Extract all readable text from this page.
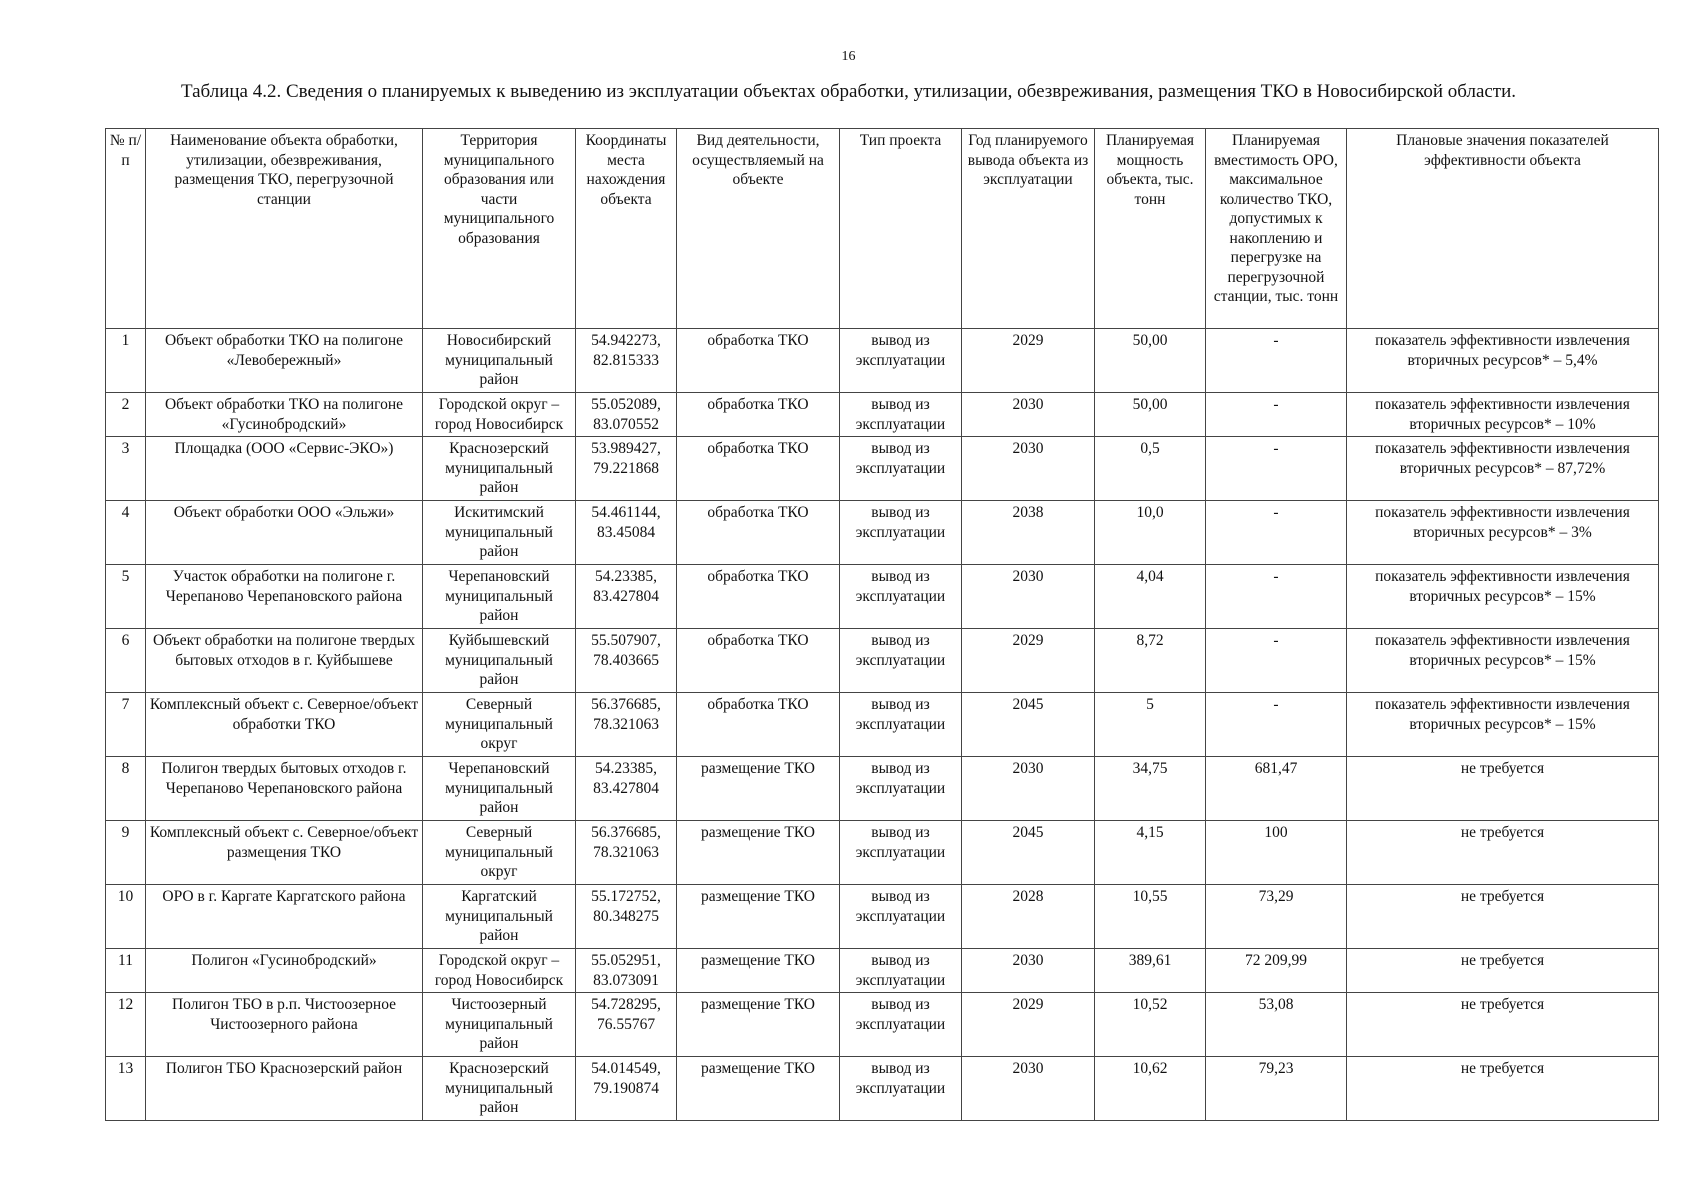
16
Таблица 4.2. Сведения о планируемых к выведению из эксплуатации объектах обработки, утилизации, обезвреживания, размещения ТКО в Новосибирской области.
№ п/п	Наименование объекта обработки, утилизации, обезвреживания, размещения ТКО, перегрузочной станции	Территория муниципального образования или части муниципального образования	Координаты места нахождения объекта	Вид деятельности, осуществляемый на объекте	Тип проекта	Год планируемого вывода объекта из эксплуатации	Планируемая мощность объекта, тыс. тонн	Планируемая вместимость ОРО, максимальное количество ТКО, допустимых к накоплению и перегрузке на перегрузочной станции, тыс. тонн	Плановые значения показателей эффективности объекта
1	Объект обработки ТКО на полигоне «Левобережный»	Новосибирский муниципальный район	54.942273, 82.815333	обработка ТКО	вывод из эксплуатации	2029	50,00	-	показатель эффективности извлечения вторичных ресурсов* – 5,4%
2	Объект обработки ТКО на полигоне «Гусинобродский»	Городской округ – город Новосибирск	55.052089, 83.070552	обработка ТКО	вывод из эксплуатации	2030	50,00	-	показатель эффективности извлечения вторичных ресурсов* – 10%
3	Площадка (ООО «Сервис-ЭКО»)	Краснозерский муниципальный район	53.989427, 79.221868	обработка ТКО	вывод из эксплуатации	2030	0,5	-	показатель эффективности извлечения вторичных ресурсов* – 87,72%
4	Объект обработки ООО «Эльжи»	Искитимский муниципальный район	54.461144, 83.45084	обработка ТКО	вывод из эксплуатации	2038	10,0	-	показатель эффективности извлечения вторичных ресурсов* – 3%
5	Участок обработки на полигоне г. Черепаново Черепановского района	Черепановский муниципальный район	54.23385, 83.427804	обработка ТКО	вывод из эксплуатации	2030	4,04	-	показатель эффективности извлечения вторичных ресурсов* – 15%
6	Объект обработки на полигоне твердых бытовых отходов в г. Куйбышеве	Куйбышевский муниципальный район	55.507907, 78.403665	обработка ТКО	вывод из эксплуатации	2029	8,72	-	показатель эффективности извлечения вторичных ресурсов* – 15%
7	Комплексный объект с. Северное/объект обработки ТКО	Северный муниципальный округ	56.376685, 78.321063	обработка ТКО	вывод из эксплуатации	2045	5	-	показатель эффективности извлечения вторичных ресурсов* – 15%
8	Полигон твердых бытовых отходов г. Черепаново Черепановского района	Черепановский муниципальный район	54.23385, 83.427804	размещение ТКО	вывод из эксплуатации	2030	34,75	681,47	не требуется
9	Комплексный объект с. Северное/объект размещения ТКО	Северный муниципальный округ	56.376685, 78.321063	размещение ТКО	вывод из эксплуатации	2045	4,15	100	не требуется
10	ОРО в г. Каргате Каргатского района	Каргатский муниципальный район	55.172752, 80.348275	размещение ТКО	вывод из эксплуатации	2028	10,55	73,29	не требуется
11	Полигон «Гусинобродский»	Городской округ – город Новосибирск	55.052951, 83.073091	размещение ТКО	вывод из эксплуатации	2030	389,61	72 209,99	не требуется
12	Полигон ТБО в р.п. Чистоозерное Чистоозерного района	Чистоозерный муниципальный район	54.728295, 76.55767	размещение ТКО	вывод из эксплуатации	2029	10,52	53,08	не требуется
13	Полигон ТБО Краснозерский район	Краснозерский муниципальный район	54.014549, 79.190874	размещение ТКО	вывод из эксплуатации	2030	10,62	79,23	не требуется
